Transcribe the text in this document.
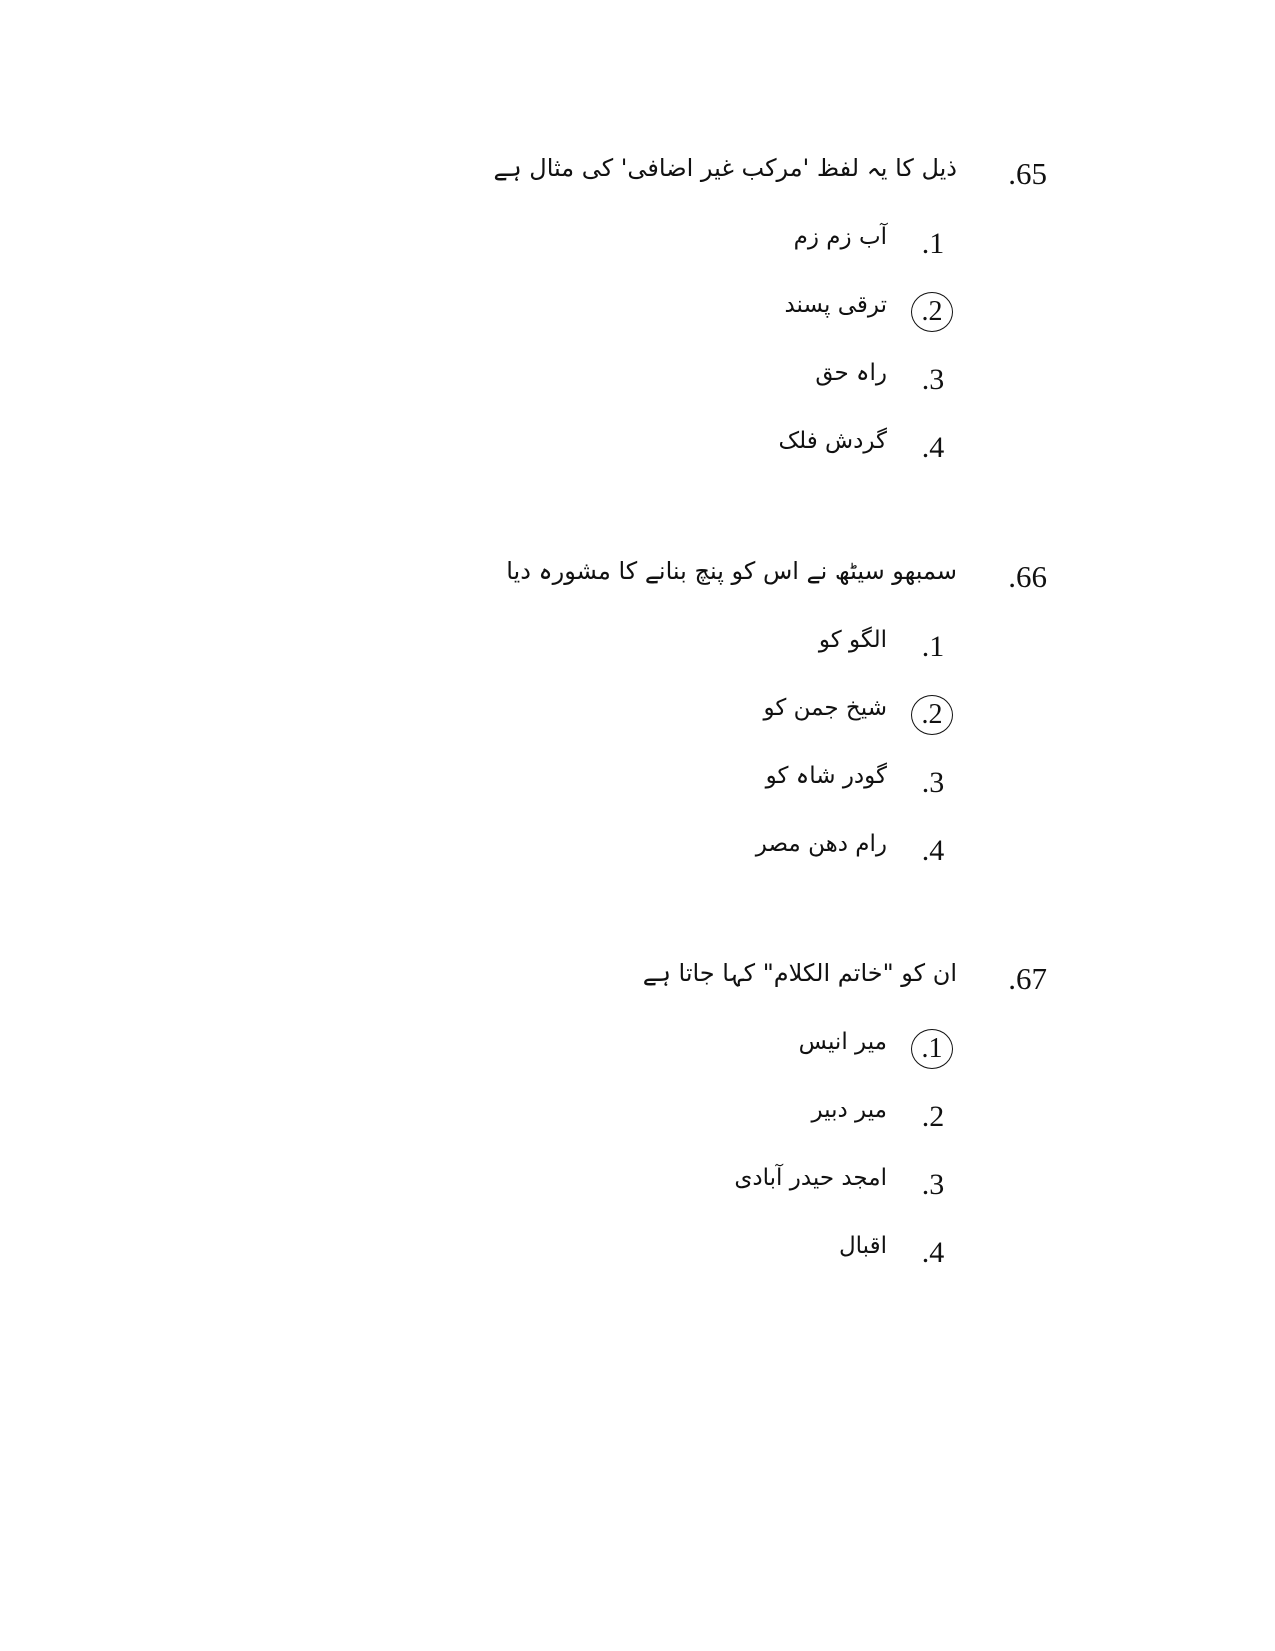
.65
ذیل کا یہ لفظ 'مرکب غیر اضافی' کی مثال ہے
.1
آب زم زم
.2
ترقی پسند
.3
راہ حق
.4
گردش فلک
.66
سمبھو سیٹھ نے اس کو پنچ بنانے کا مشورہ دیا
.1
الگو کو
.2
شیخ جمن کو
.3
گودر شاہ کو
.4
رام دھن مصر
.67
ان کو "خاتم الکلام" کہا جاتا ہے
.1
میر انیس
.2
میر دبیر
.3
امجد حیدر آبادی
.4
اقبال
